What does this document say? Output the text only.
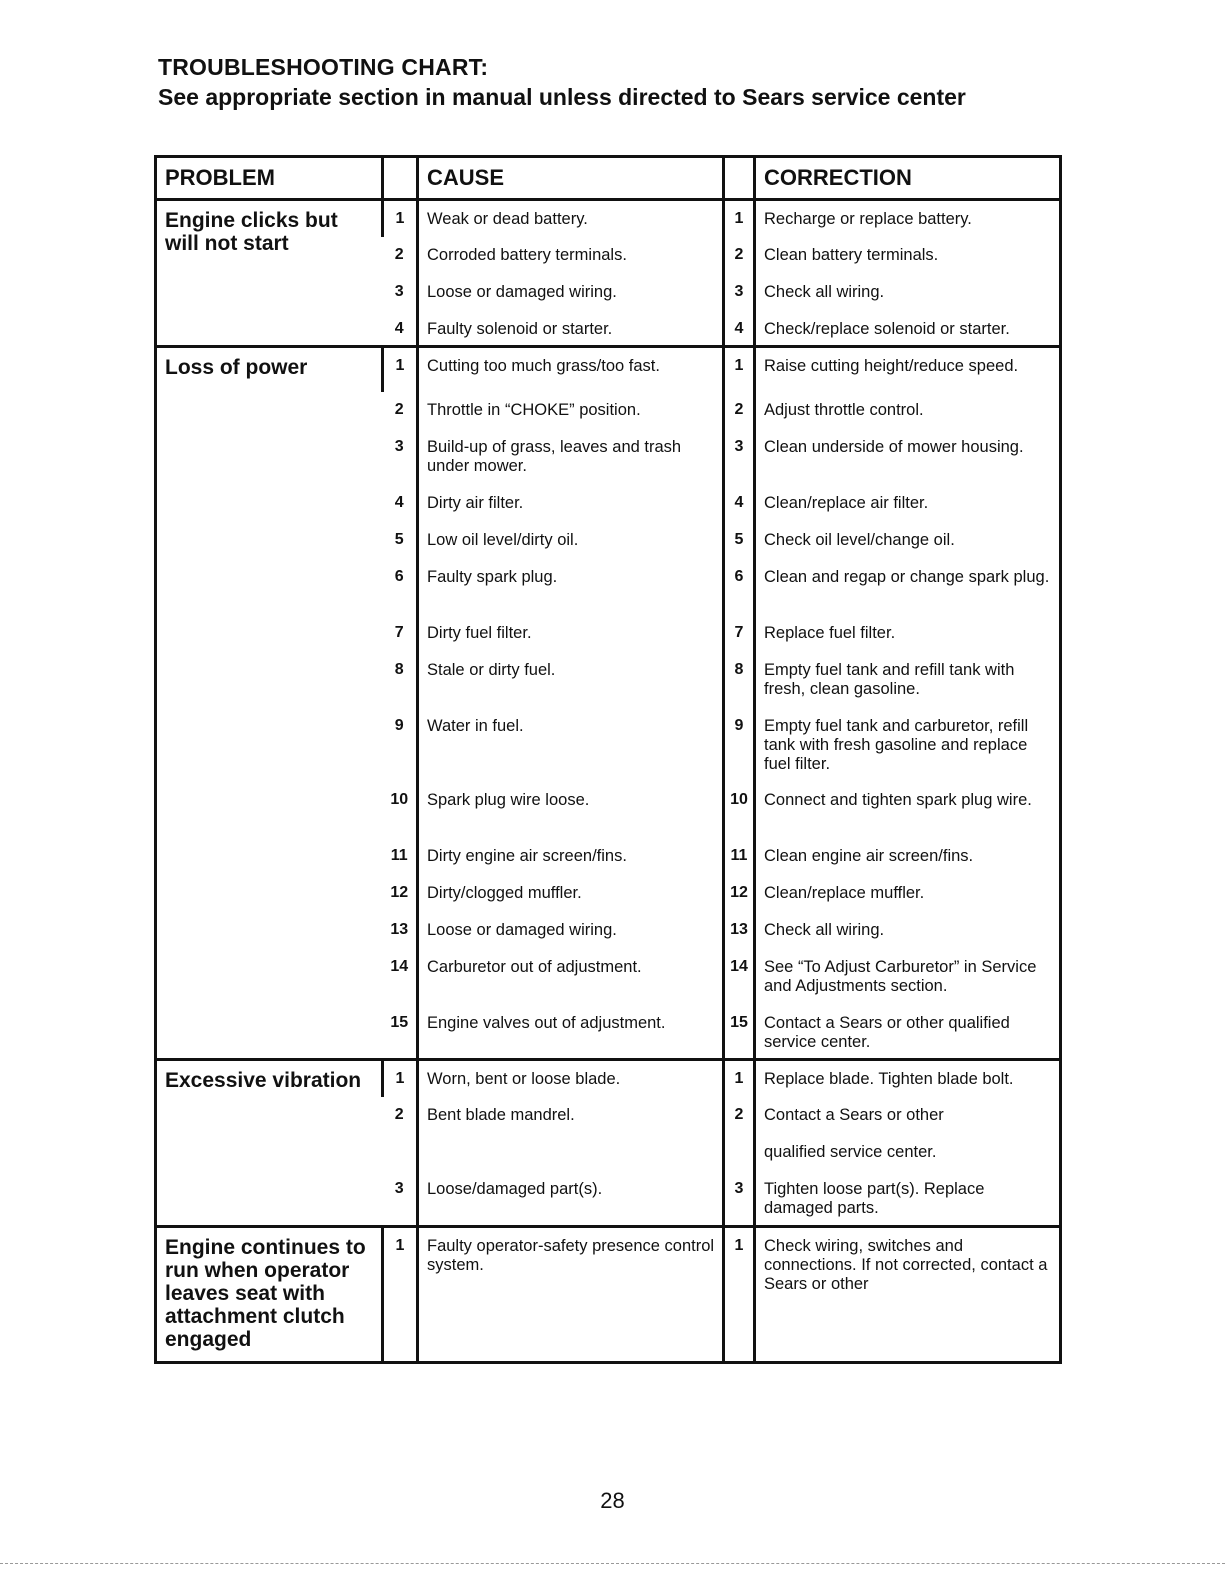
TROUBLESHOOTING CHART:
See appropriate section in manual unless directed to Sears service center
PROBLEM		CAUSE		CORRECTION
Engine clicks but will not start	1	Weak or dead battery.	1	Recharge or replace battery.
	2	Corroded battery terminals.	2	Clean battery terminals.
	3	Loose or damaged wiring.	3	Check all wiring.
	4	Faulty solenoid or starter.	4	Check/replace solenoid or starter.
Loss of power	1	Cutting too much grass/too fast.	1	Raise cutting height/reduce speed.
	2	Throttle in “CHOKE” position.	2	Adjust throttle control.
	3	Build-up of grass, leaves and trash under mower.	3	Clean underside of mower housing.
	4	Dirty air filter.	4	Clean/replace air filter.
	5	Low oil level/dirty oil.	5	Check oil level/change oil.
	6	Faulty spark plug.	6	Clean and regap or change spark plug.
	7	Dirty fuel filter.	7	Replace fuel filter.
	8	Stale or dirty fuel.	8	Empty fuel tank and refill tank with fresh, clean gasoline.
	9	Water in fuel.	9	Empty fuel tank and carburetor, refill tank with fresh gasoline and replace fuel filter.
	10	Spark plug wire loose.	10	Connect and tighten spark plug wire.
	11	Dirty engine air screen/fins.	11	Clean engine air screen/fins.
	12	Dirty/clogged muffler.	12	Clean/replace muffler.
	13	Loose or damaged wiring.	13	Check all wiring.
	14	Carburetor out of adjustment.	14	See “To Adjust Carburetor” in Service and Adjustments section.
	15	Engine valves out of adjustment.	15	Contact a Sears or other qualified service center.
Excessive vibration	1	Worn, bent or loose blade.	1	Replace blade. Tighten blade bolt.
	2	Bent blade mandrel.	2	Contact a Sears or other
				qualified service center.
	3	Loose/damaged part(s).	3	Tighten loose part(s). Replace damaged parts.
Engine continues to run when operator leaves seat with attachment clutch engaged	1	Faulty operator-safety presence control system.	1	Check wiring, switches and connections. If not corrected, contact a Sears or other
28
